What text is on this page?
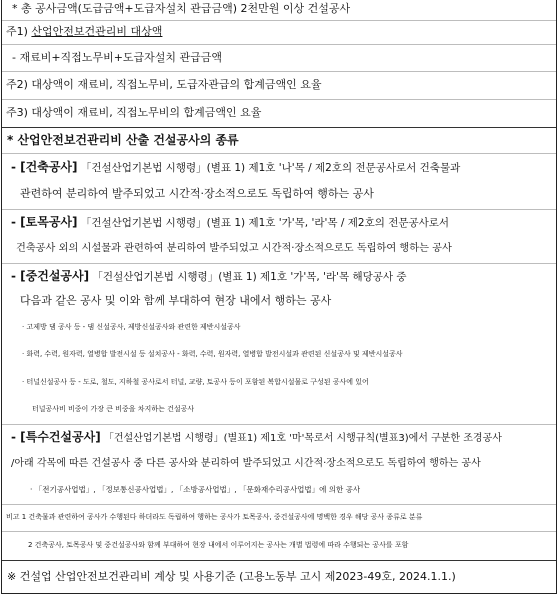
* 총 공사금액(도급금액+도급자설치 관급금액) 2천만원 이상 건설공사
주1) 산업안전보건관리비 대상액
- 재료비+직접노무비+도급자설치 관급금액
주2) 대상액이 재료비, 직접노무비, 도급자관급의 합계금액인 요율
주3) 대상액이 재료비, 직접노무비의 합계금액인 요율
* 산업안전보건관리비 산출 건설공사의 종류
- [건축공사] 「건설산업기본법 시행령」(별표 1) 제1호 '나'목 / 제2호의 전문공사로서 건축물과
관련하여 분리하여 발주되었고 시간적·장소적으로도 독립하여 행하는 공사
- [토목공사] 「건설산업기본법 시행령」(별표 1) 제1호 '가'목, '라'목 / 제2호의 전문공사로서
건축공사 외의 시설물과 관련하여 분리하여 발주되었고 시간적·장소적으로도 독립하여 행하는 공사
- [중건설공사] 「건설산업기본법 시행령」(별표 1) 제1호 '가'목, '라'목 해당공사 중
다음과 같은 공사 및 이와 함께 부대하여 현장 내에서 행하는 공사
· 고제방 댐 공사 등 - 댐 신설공사, 제방신설공사와 관련한 제반시설공사
· 화력, 수력, 원자력, 열병합 발전시설 등 설치공사 - 화력, 수력, 원자력, 열병합 발전시설과 관련된 신설공사 및 제반시설공사
· 터널신설공사 등 - 도로, 철도, 지하철 공사로서 터널, 교량, 토공사 등이 포함된 복합시설물로 구성된 공사에 있어
터널공사비 비중이 가장 큰 비중을 차지하는 건설공사
- [특수건설공사] 「건설산업기본법 시행령」(별표1) 제1호 '마'목로서 시행규칙(별표3)에서 구분한 조경공사
/아래 각목에 따른 건설공사 중 다른 공사와 분리하여 발주되었고 시간적·장소적으로도 독립하여 행하는 공사
· 「전기공사업법」, 「정보통신공사업법」, 「소방공사업법」, 「문화재수리공사업법」에 의한 공사
비고 1 건축물과 관련하여 공사가 수행된다 하더라도 독립하여 행하는 공사가 토목공사, 중건설공사에 명백한 경우 해당 공사 종류로 분류
2 건축공사, 토목공사 및 중건설공사와 함께 부대하여 현장 내에서 이루어지는 공사는 개별 법령에 따라 수행되는 공사를 포함
※ 건설업 산업안전보건관리비 계상 및 사용기준 (고용노동부 고시 제2023-49호, 2024.1.1.)
